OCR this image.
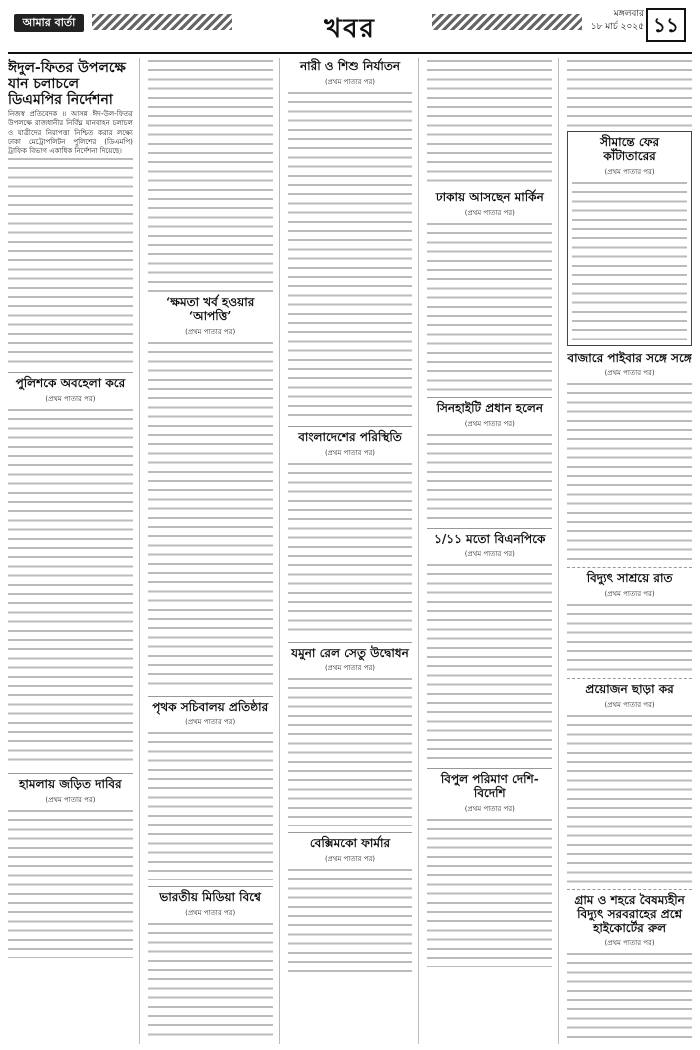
আমার বার্তা	খবর	মঙ্গলবার
১৮ মার্চ ২০২৫ ১১
ঈদুল-ফিতর উপলক্ষে যান চলাচলে ডিএমপির নির্দেশনা
নিজস্ব প্রতিবেদক ॥ আসন্ন ঈদ-উল-ফিতর উপলক্ষে রাজধানীর নির্বিঘ্ন যানবাহন চলাচল ও যাত্রীদের নিরাপত্তা নিশ্চিত করার লক্ষ্যে ঢাকা মেট্রোপলিটন পুলিশের (ডিএমপি) ট্রাফিক বিভাগ একাধিক নির্দেশনা দিয়েছে।
পুলিশকে অবহেলা করে
(প্রথম পাতার পর)
হামলায় জড়িত দাবির
(প্রথম পাতার পর)
‘ক্ষমতা খর্ব হওয়ার ‘আপত্তি’
(প্রথম পাতার পর)
পৃথক সচিবালয় প্রতিষ্ঠার
(প্রথম পাতার পর)
ভারতীয় মিডিয়া বিশ্বে
(প্রথম পাতার পর)
নারী ও শিশু নির্যাতন
(প্রথম পাতার পর)
বাংলাদেশের পরিস্থিতি
(প্রথম পাতার পর)
যমুনা রেল সেতু উদ্বোধন
(প্রথম পাতার পর)
বেক্সিমকো ফার্মার
(প্রথম পাতার পর)
ঢাকায় আসছেন মার্কিন
(প্রথম পাতার পর)
সিনহাইটি প্রধান হলেন
(প্রথম পাতার পর)
১/১১ মতো বিএনপিকে
(প্রথম পাতার পর)
বিপুল পরিমাণ দেশি-বিদেশি
(প্রথম পাতার পর)
সীমান্তে ফের কাঁটাতারের
(প্রথম পাতার পর)
বাজারে পাইবার সঙ্গে সঙ্গে
(প্রথম পাতার পর)
বিদ্যুৎ সাশ্রয়ে রাত
(প্রথম পাতার পর)
প্রয়োজন ছাড়া কর
(প্রথম পাতার পর)
গ্রাম ও শহরে বৈষম্যহীন বিদ্যুৎ সরবরাহের প্রশ্নে হাইকোর্টের রুল
(প্রথম পাতার পর)
